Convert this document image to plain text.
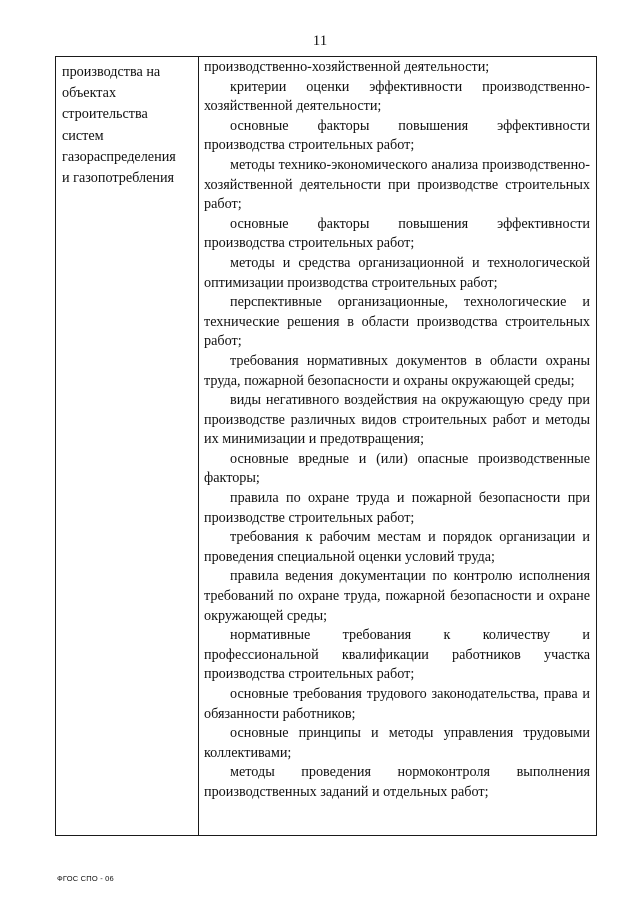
11
производства на
объектах
строительства
систем
газораспределения
и газопотребления

производственно-хозяйственной деятельности;

критерии оценки эффективности производственно-хозяйственной деятельности;

основные факторы повышения эффективности производства строительных работ;

методы технико-экономического анализа производственно-хозяйственной деятельности при производстве строительных работ;

основные факторы повышения эффективности производства строительных работ;

методы и средства организационной и технологической оптимизации производства строительных работ;

перспективные организационные, технологические и технические решения в области производства строительных работ;

требования нормативных документов в области охраны труда, пожарной безопасности и охраны окружающей среды;

виды негативного воздействия на окружающую среду при производстве различных видов строительных работ и методы их минимизации и предотвращения;

основные вредные и (или) опасные производственные факторы;

правила по охране труда и пожарной безопасности при производстве строительных работ;

требования к рабочим местам и порядок организации и проведения специальной оценки условий труда;

правила ведения документации по контролю исполнения требований по охране труда, пожарной безопасности и охране окружающей среды;

нормативные требования к количеству и профессиональной квалификации работников участка производства строительных работ;

основные требования трудового законодательства, права и обязанности работников;

основные принципы и методы управления трудовыми коллективами;

методы проведения нормоконтроля выполнения производственных заданий и отдельных работ;

ФГОС СПО - 06
